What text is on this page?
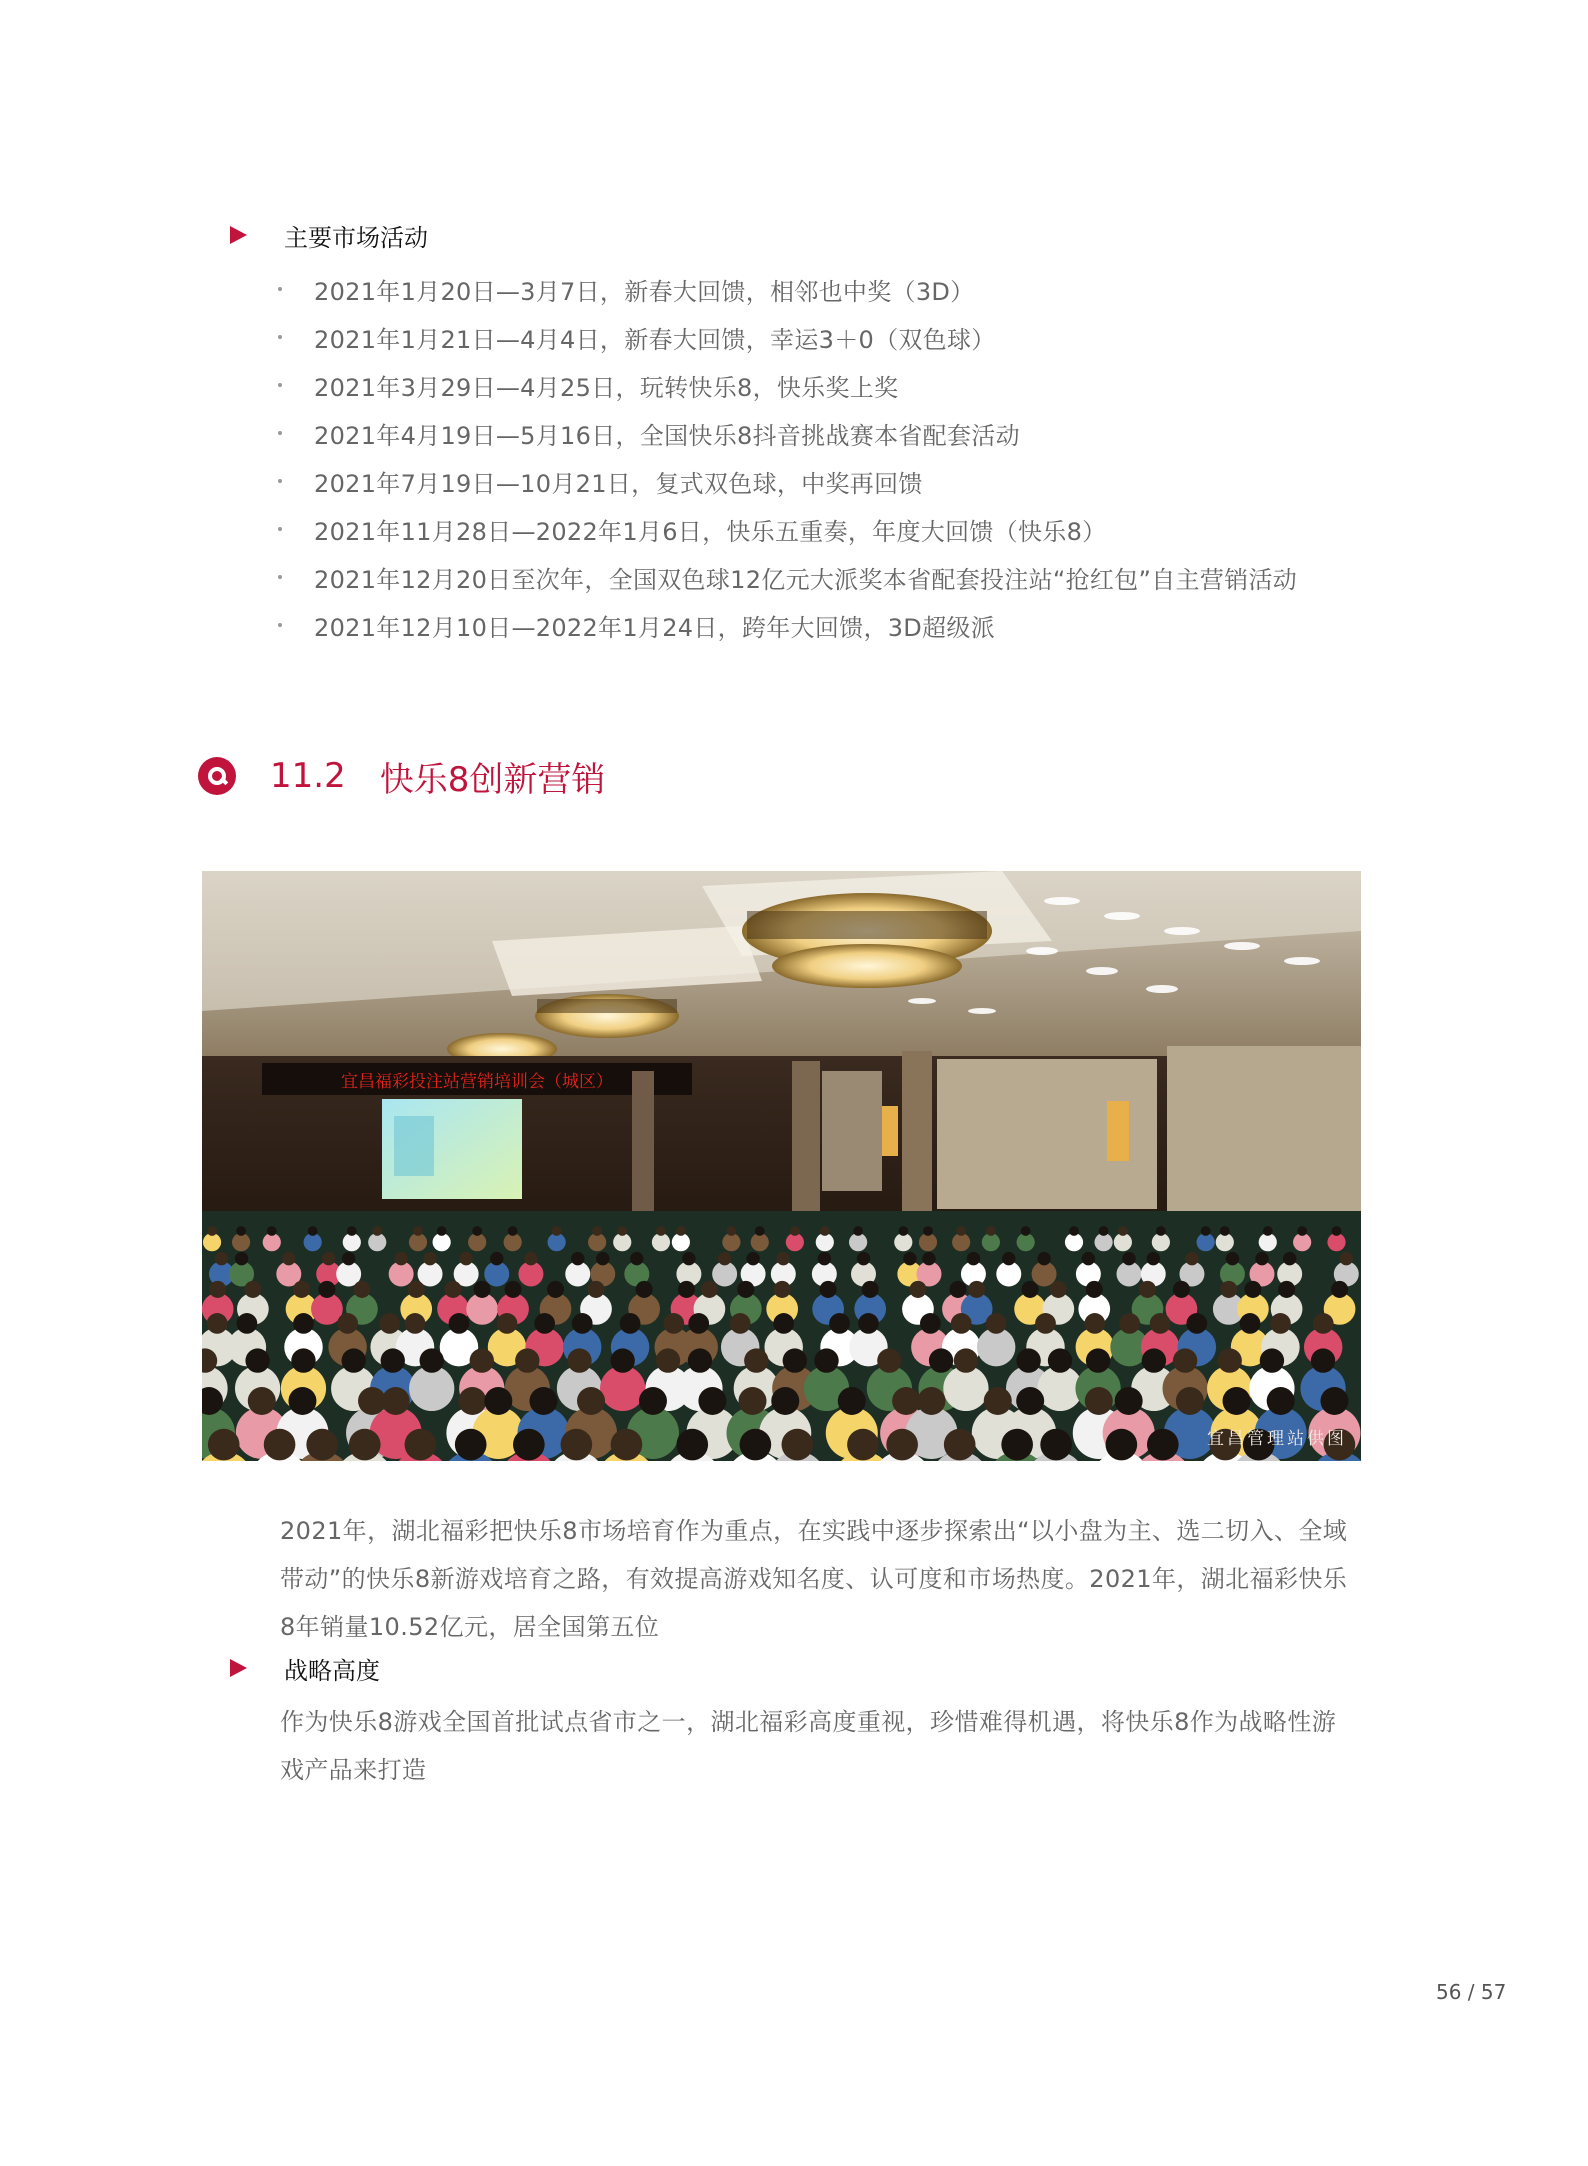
主要市场活动
2021年1月20日—3月7日，新春大回馈，相邻也中奖（3D）
2021年1月21日—4月4日，新春大回馈，幸运3＋0（双色球）
2021年3月29日—4月25日，玩转快乐8，快乐奖上奖
2021年4月19日—5月16日，全国快乐8抖音挑战赛本省配套活动
2021年7月19日—10月21日，复式双色球，中奖再回馈
2021年11月28日—2022年1月6日，快乐五重奏，年度大回馈（快乐8）
2021年12月20日至次年，全国双色球12亿元大派奖本省配套投注站“抢红包”自主营销活动
2021年12月10日—2022年1月24日，跨年大回馈，3D超级派
11.2 快乐8创新营销
宜昌福彩投注站营销培训会（城区）
宜昌管理站供图

2021年，湖北福彩把快乐8市场培育作为重点，在实践中逐步探索出“以小盘为主、选二切入、全域带动”的快乐8新游戏培育之路，有效提高游戏知名度、认可度和市场热度。2021年，湖北福彩快乐8年销量10.52亿元，居全国第五位

战略高度

作为快乐8游戏全国首批试点省市之一，湖北福彩高度重视，珍惜难得机遇，将快乐8作为战略性游戏产品来打造

56 / 57
